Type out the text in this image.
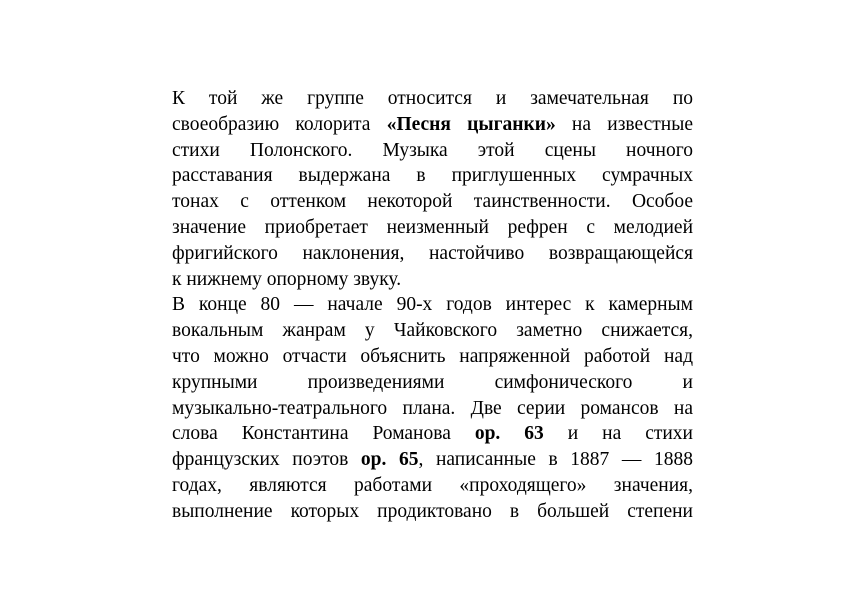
К той же группе относится и замечательная по
своеобразию колорита «Песня цыганки» на известные
стихи Полонского. Музыка этой сцены ночного
расставания выдержана в приглушенных сумрачных
тонах с оттенком некоторой таинственности. Особое
значение приобретает неизменный рефрен с мелодией
фригийского наклонения, настойчиво возвращающейся
к нижнему опорному звуку.
В конце 80 — начале 90-х годов интерес к камерным
вокальным жанрам у Чайковского заметно снижается,
что можно отчасти объяснить напряженной работой над
крупными произведениями симфонического и
музыкально-театрального плана. Две серии романсов на
слова Константина Романова ор. 63 и на стихи
французских поэтов ор. 65, написанные в 1887 — 1888
годах, являются работами «проходящего» значения,
выполнение которых продиктовано в большей степени
